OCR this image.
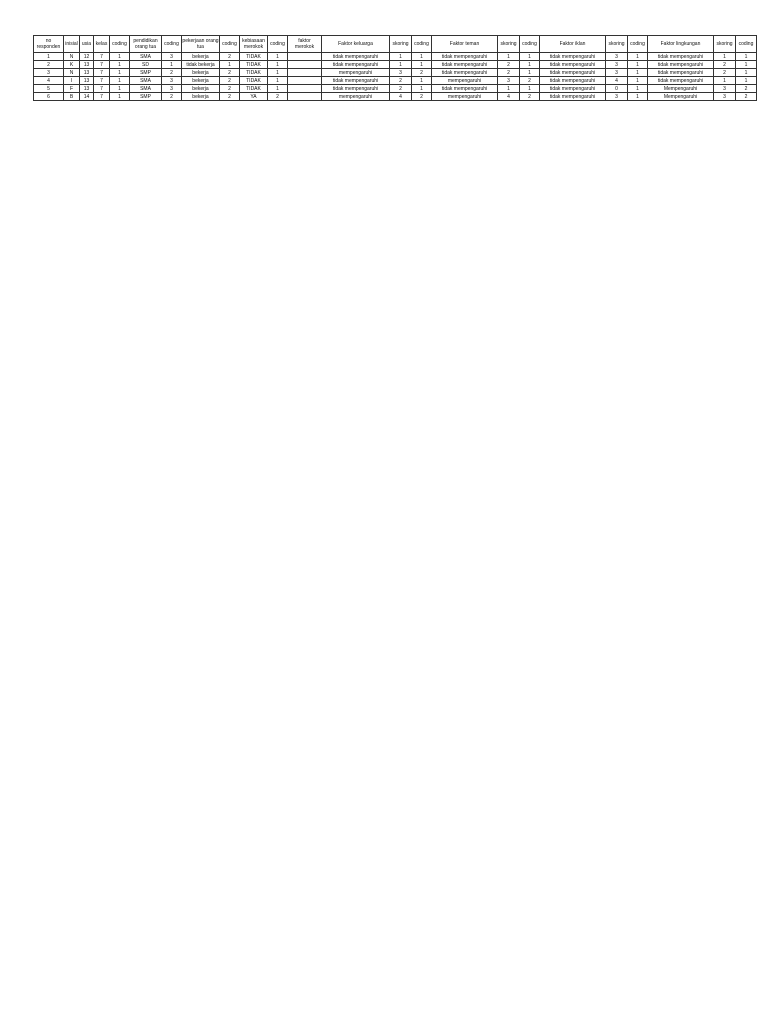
no responden	inisial	usia	kelas	coding	pendidikan orang tua	coding	pekerjaan orang tua	coding	kebiasaan merokok	coding	faktor merokok	Faktor keluarga	skoring	coding	Faktor teman	skoring	coding	Faktor iklan	skoring	coding	Faktor lingkungan	skoring	coding
1	N	12	7	1	SMA	3	bekerja	2	TIDAK	1		tidak mempengaruhi	1	1	tidak mempengaruhi	1	1	tidak mempengaruhi	3	1	tidak mempengaruhi	1	1
2	K	13	7	1	SD	1	tidak bekerja	1	TIDAK	1		tidak mempengaruhi	1	1	tidak mempengaruhi	2	1	tidak mempengaruhi	3	1	tidak mempengaruhi	2	1
3	N	13	7	1	SMP	2	bekerja	2	TIDAK	1		mempengaruhi	3	2	tidak mempengaruhi	2	1	tidak mempengaruhi	3	1	tidak mempengaruhi	2	1
4	I	13	7	1	SMA	3	bekerja	2	TIDAK	1		tidak mempengaruhi	2	1	mempengaruhi	3	2	tidak mempengaruhi	4	1	tidak mempengaruhi	1	1
5	F	13	7	1	SMA	3	bekerja	2	TIDAK	1		tidak mempengaruhi	2	1	tidak mempengaruhi	1	1	tidak mempengaruhi	0	1	Mempengaruhi	3	2
6	B	14	7	1	SMP	2	bekerja	2	YA	2		mempengaruhi	4	2	mempengaruhi	4	2	tidak mempengaruhi	3	1	Mempengaruhi	3	2
